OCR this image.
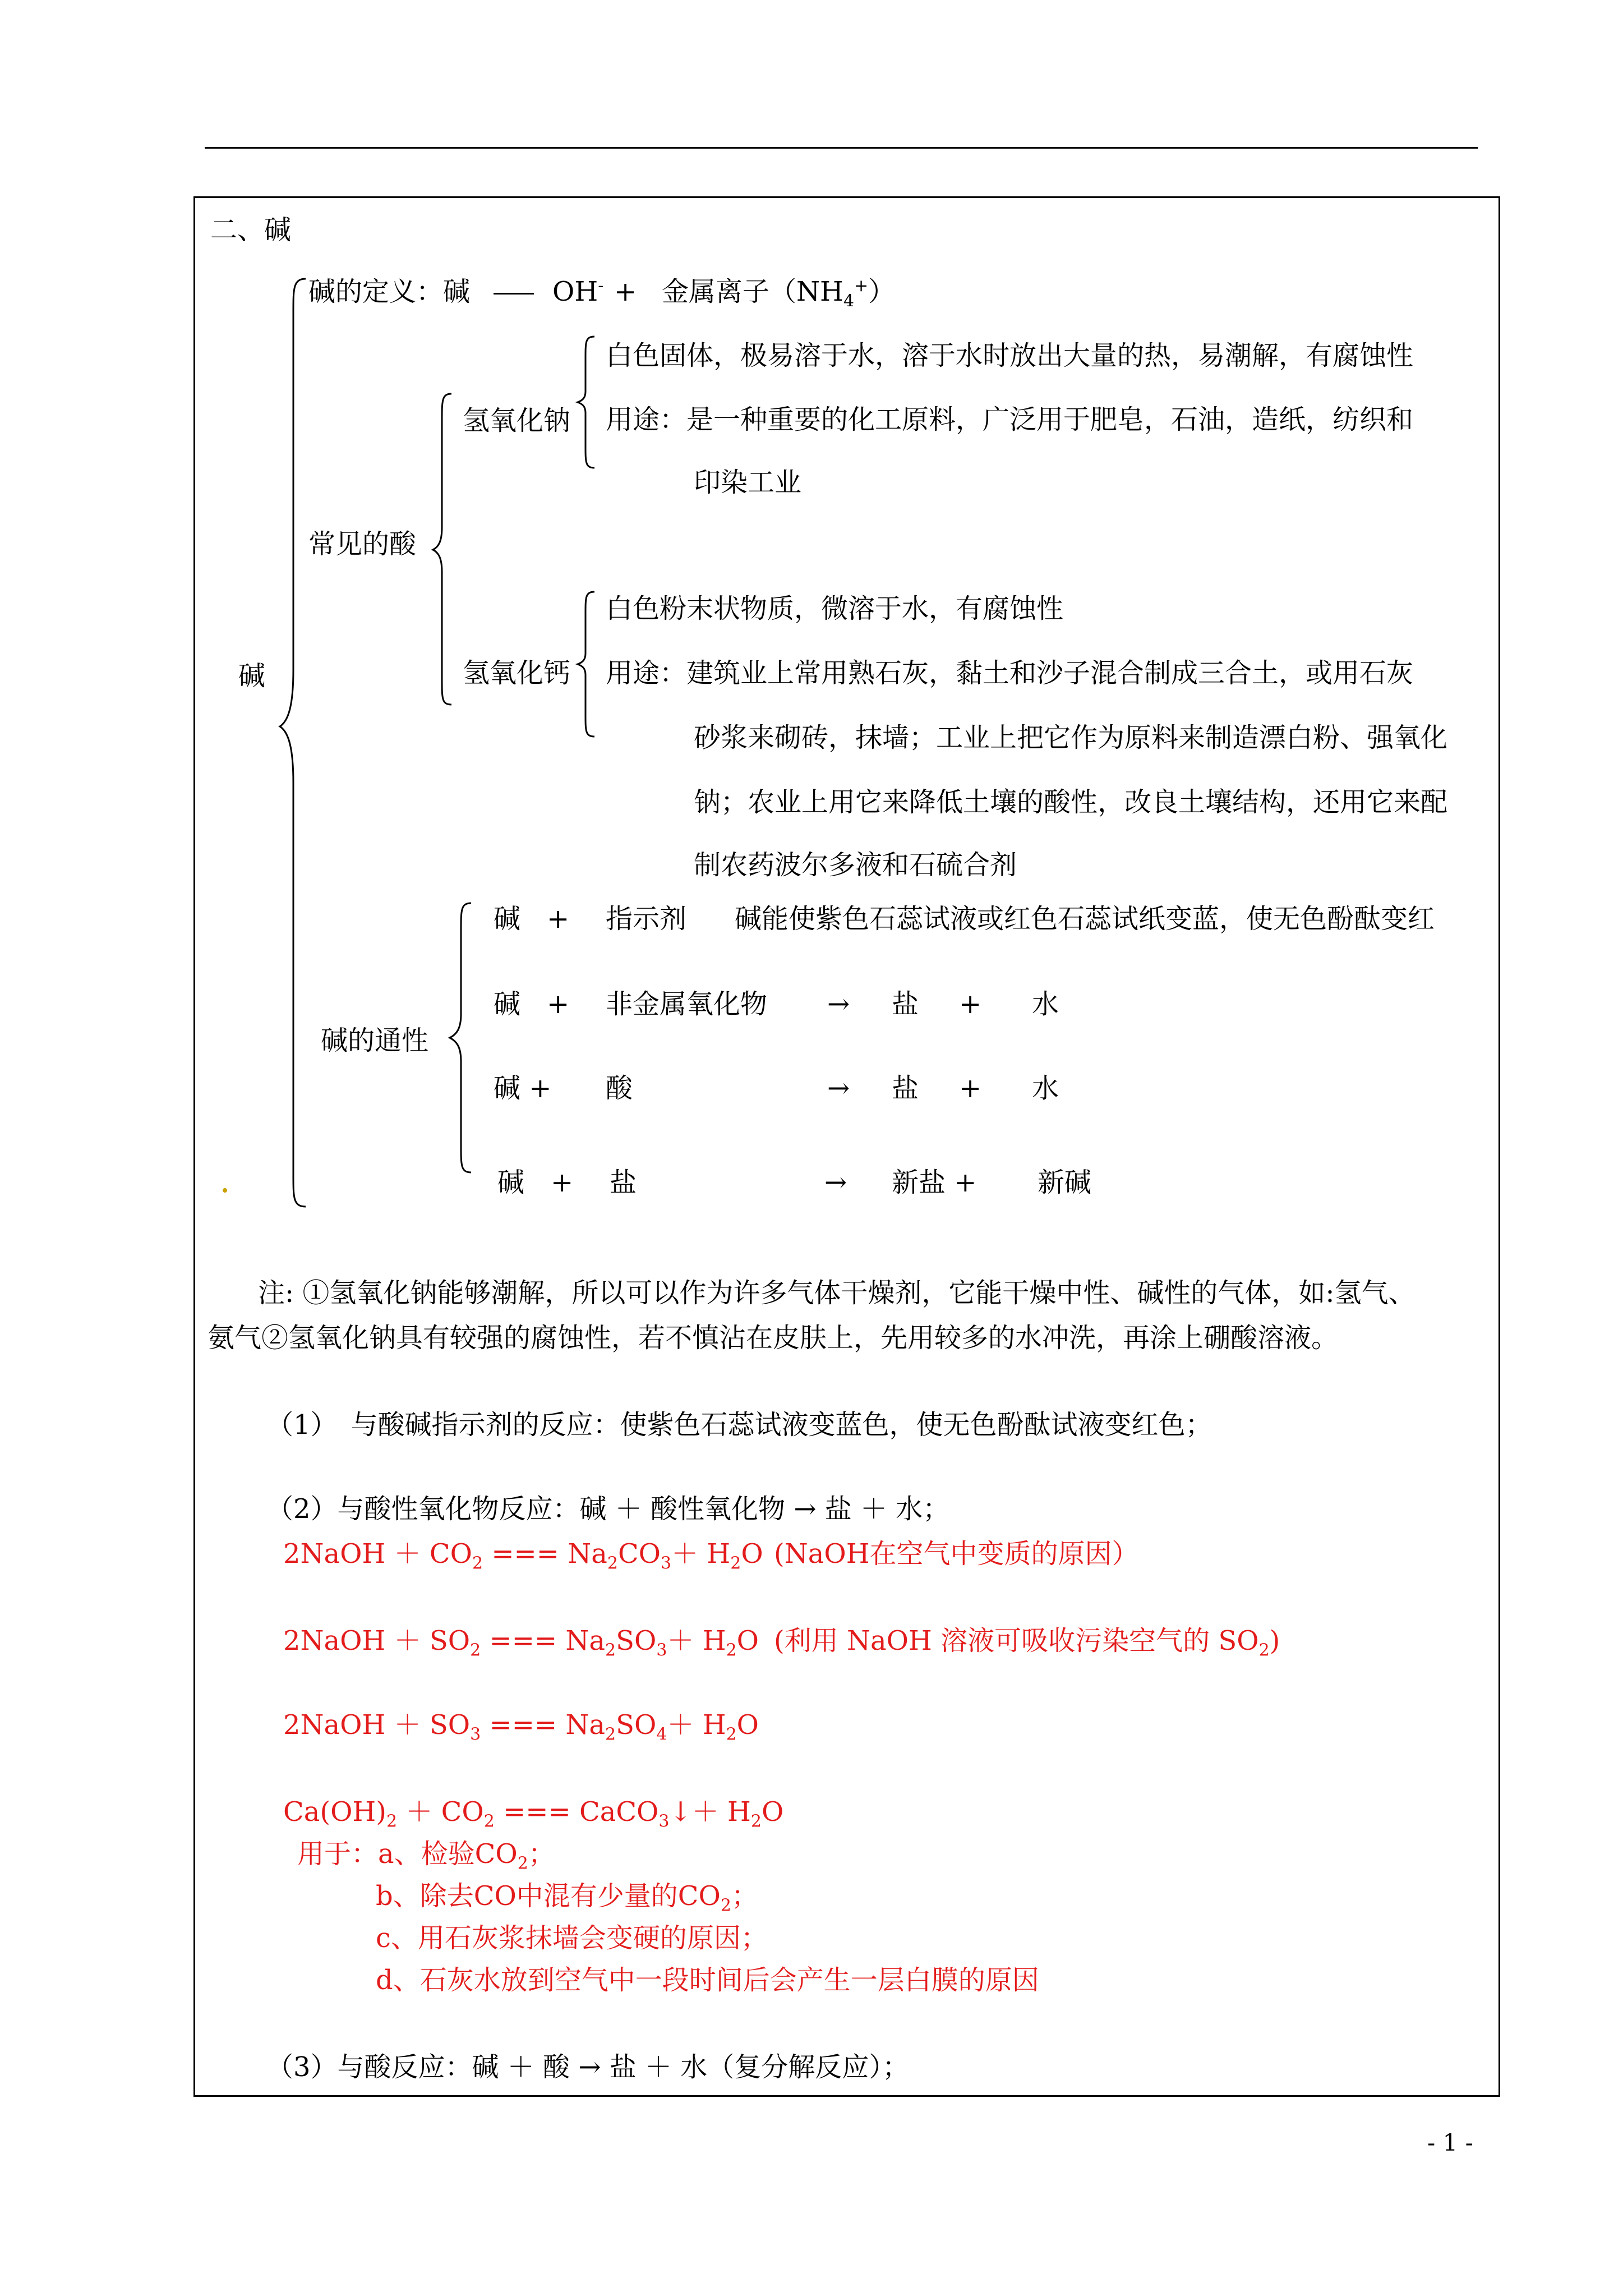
二、碱
碱
碱的定义：碱	OH- + 金属离子$(NH_4^+)$
常见的酸
氢氧化钠
白色固体，极易溶于水，溶于水时放出大量的热，易潮解，有腐蚀性
用途：是一种重要的化工原料，广泛用于肥皂，石油，造纸，纺织和
印染工业
氢氧化钙
白色粉末状物质，微溶于水，有腐蚀性
用途：建筑业上常用熟石灰，黏土和沙子混合制成三合土，或用石灰
砂浆来砌砖，抹墙；工业上把它作为原料来制造漂白粉、强氧化
钠；农业上用它来降低土壤的酸性，改良土壤结构，还用它来配
制农药波尔多液和石硫合剂
碱的通性
碱 + 指示剂 碱能使紫色石蕊试液或红色石蕊试纸变蓝，使无色酚酞变红
碱 + 非金属氧化物 → 盐 + 水
碱 + 酸	→ 盐 + 水
碱 + 盐	→ 新盐 + 新碱
注: ①氢氧化钠能够潮解，所以可以作为许多气体干燥剂，它能干燥中性、碱性的气体，如:氢气、
氨气②氢氧化钠具有较强的腐蚀性，若不慎沾在皮肤上，先用较多的水冲洗，再涂上硼酸溶液。
（1）　与酸碱指示剂的反应：使紫色石蕊试液变蓝色，使无色酚酞试液变红色；
（2）与酸性氧化物反应：碱 ＋ 酸性氧化物 → 盐 ＋ 水；
2NaOH ＋ $CO_2$ === $Na_2CO_3+ H_2O$ (NaOH在空气中变质的原因）
2NaOH ＋ $SO_2$ === $Na_2SO_3+ H_2O$ (利用 NaOH 溶液可吸收污染空气的 $SO_2$)
2NaOH ＋ $SO_3$ === $Na_2SO_4+ H_2O$
$Ca(OH)_2 + CO_2$ === CaCO$_3$↓＋ $H_2O$
用于：a、检验$CO_2$；
b、除去CO中混有少量的$CO_2$；
c、用石灰浆抹墙会变硬的原因；
d、石灰水放到空气中一段时间后会产生一层白膜的原因
（3）与酸反应：碱 ＋ 酸 → 盐 ＋ 水（复分解反应）；
- 1 -
